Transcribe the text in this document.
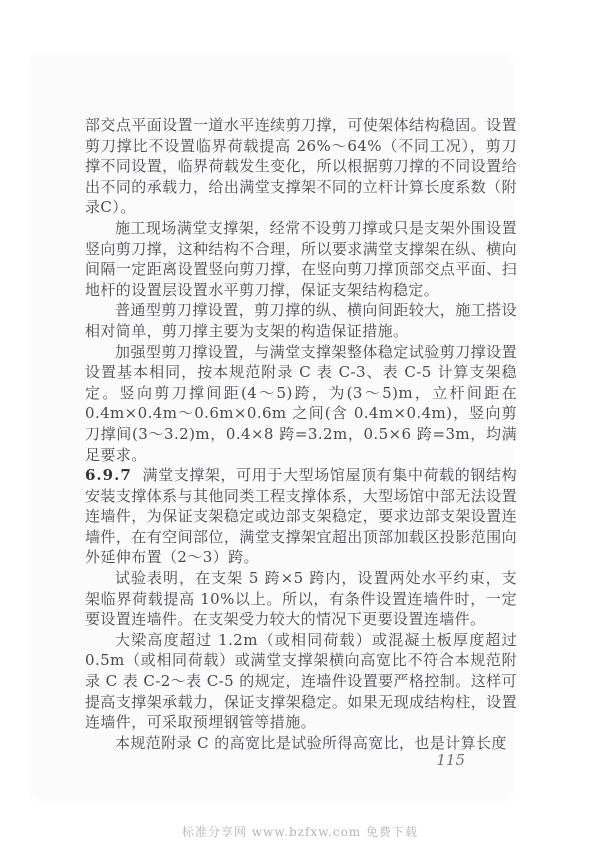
部交点平面设置一道水平连续剪刀撑，可使架体结构稳固。设置剪刀撑比不设置临界荷载提高 26%～64%（不同工况），剪刀撑不同设置，临界荷载发生变化，所以根据剪刀撑的不同设置给出不同的承载力，给出满堂支撑架不同的立杆计算长度系数（附录C）。

施工现场满堂支撑架，经常不设剪刀撑或只是支架外围设置竖向剪刀撑，这种结构不合理，所以要求满堂支撑架在纵、横向间隔一定距离设置竖向剪刀撑，在竖向剪刀撑顶部交点平面、扫地杆的设置层设置水平剪刀撑，保证支架结构稳定。

普通型剪刀撑设置，剪刀撑的纵、横向间距较大，施工搭设相对简单，剪刀撑主要为支架的构造保证措施。

加强型剪刀撑设置，与满堂支撑架整体稳定试验剪刀撑设置设置基本相同，按本规范附录 C 表 C-3、表 C-5 计算支架稳定。竖向剪刀撑间距(4～5)跨，为(3～5)m，立杆间距在 0.4m×0.4m～0.6m×0.6m 之间(含 0.4m×0.4m)，竖向剪刀撑间(3～3.2)m，0.4×8 跨=3.2m，0.5×6 跨=3m，均满足要求。

6.9.7 满堂支撑架，可用于大型场馆屋顶有集中荷载的钢结构安装支撑体系与其他同类工程支撑体系，大型场馆中部无法设置连墙件，为保证支架稳定或边部支架稳定，要求边部支架设置连墙件，在有空间部位，满堂支撑架宜超出顶部加载区投影范围向外延伸布置（2～3）跨。

试验表明，在支架 5 跨×5 跨内，设置两处水平约束，支架临界荷载提高 10%以上。所以，有条件设置连墙件时，一定要设置连墙件。在支架受力较大的情况下更要设置连墙件。

大梁高度超过 1.2m（或相同荷载）或混凝土板厚度超过 0.5m（或相同荷载）或满堂支撑架横向高宽比不符合本规范附录 C 表 C-2～表 C-5 的规定，连墙件设置要严格控制。这样可提高支撑架承载力，保证支撑架稳定。如果无现成结构柱，设置连墙件，可采取预埋钢管等措施。

本规范附录 C 的高宽比是试验所得高宽比，也是计算长度

115
标准分享网 www.bzfxw.com 免费下载
